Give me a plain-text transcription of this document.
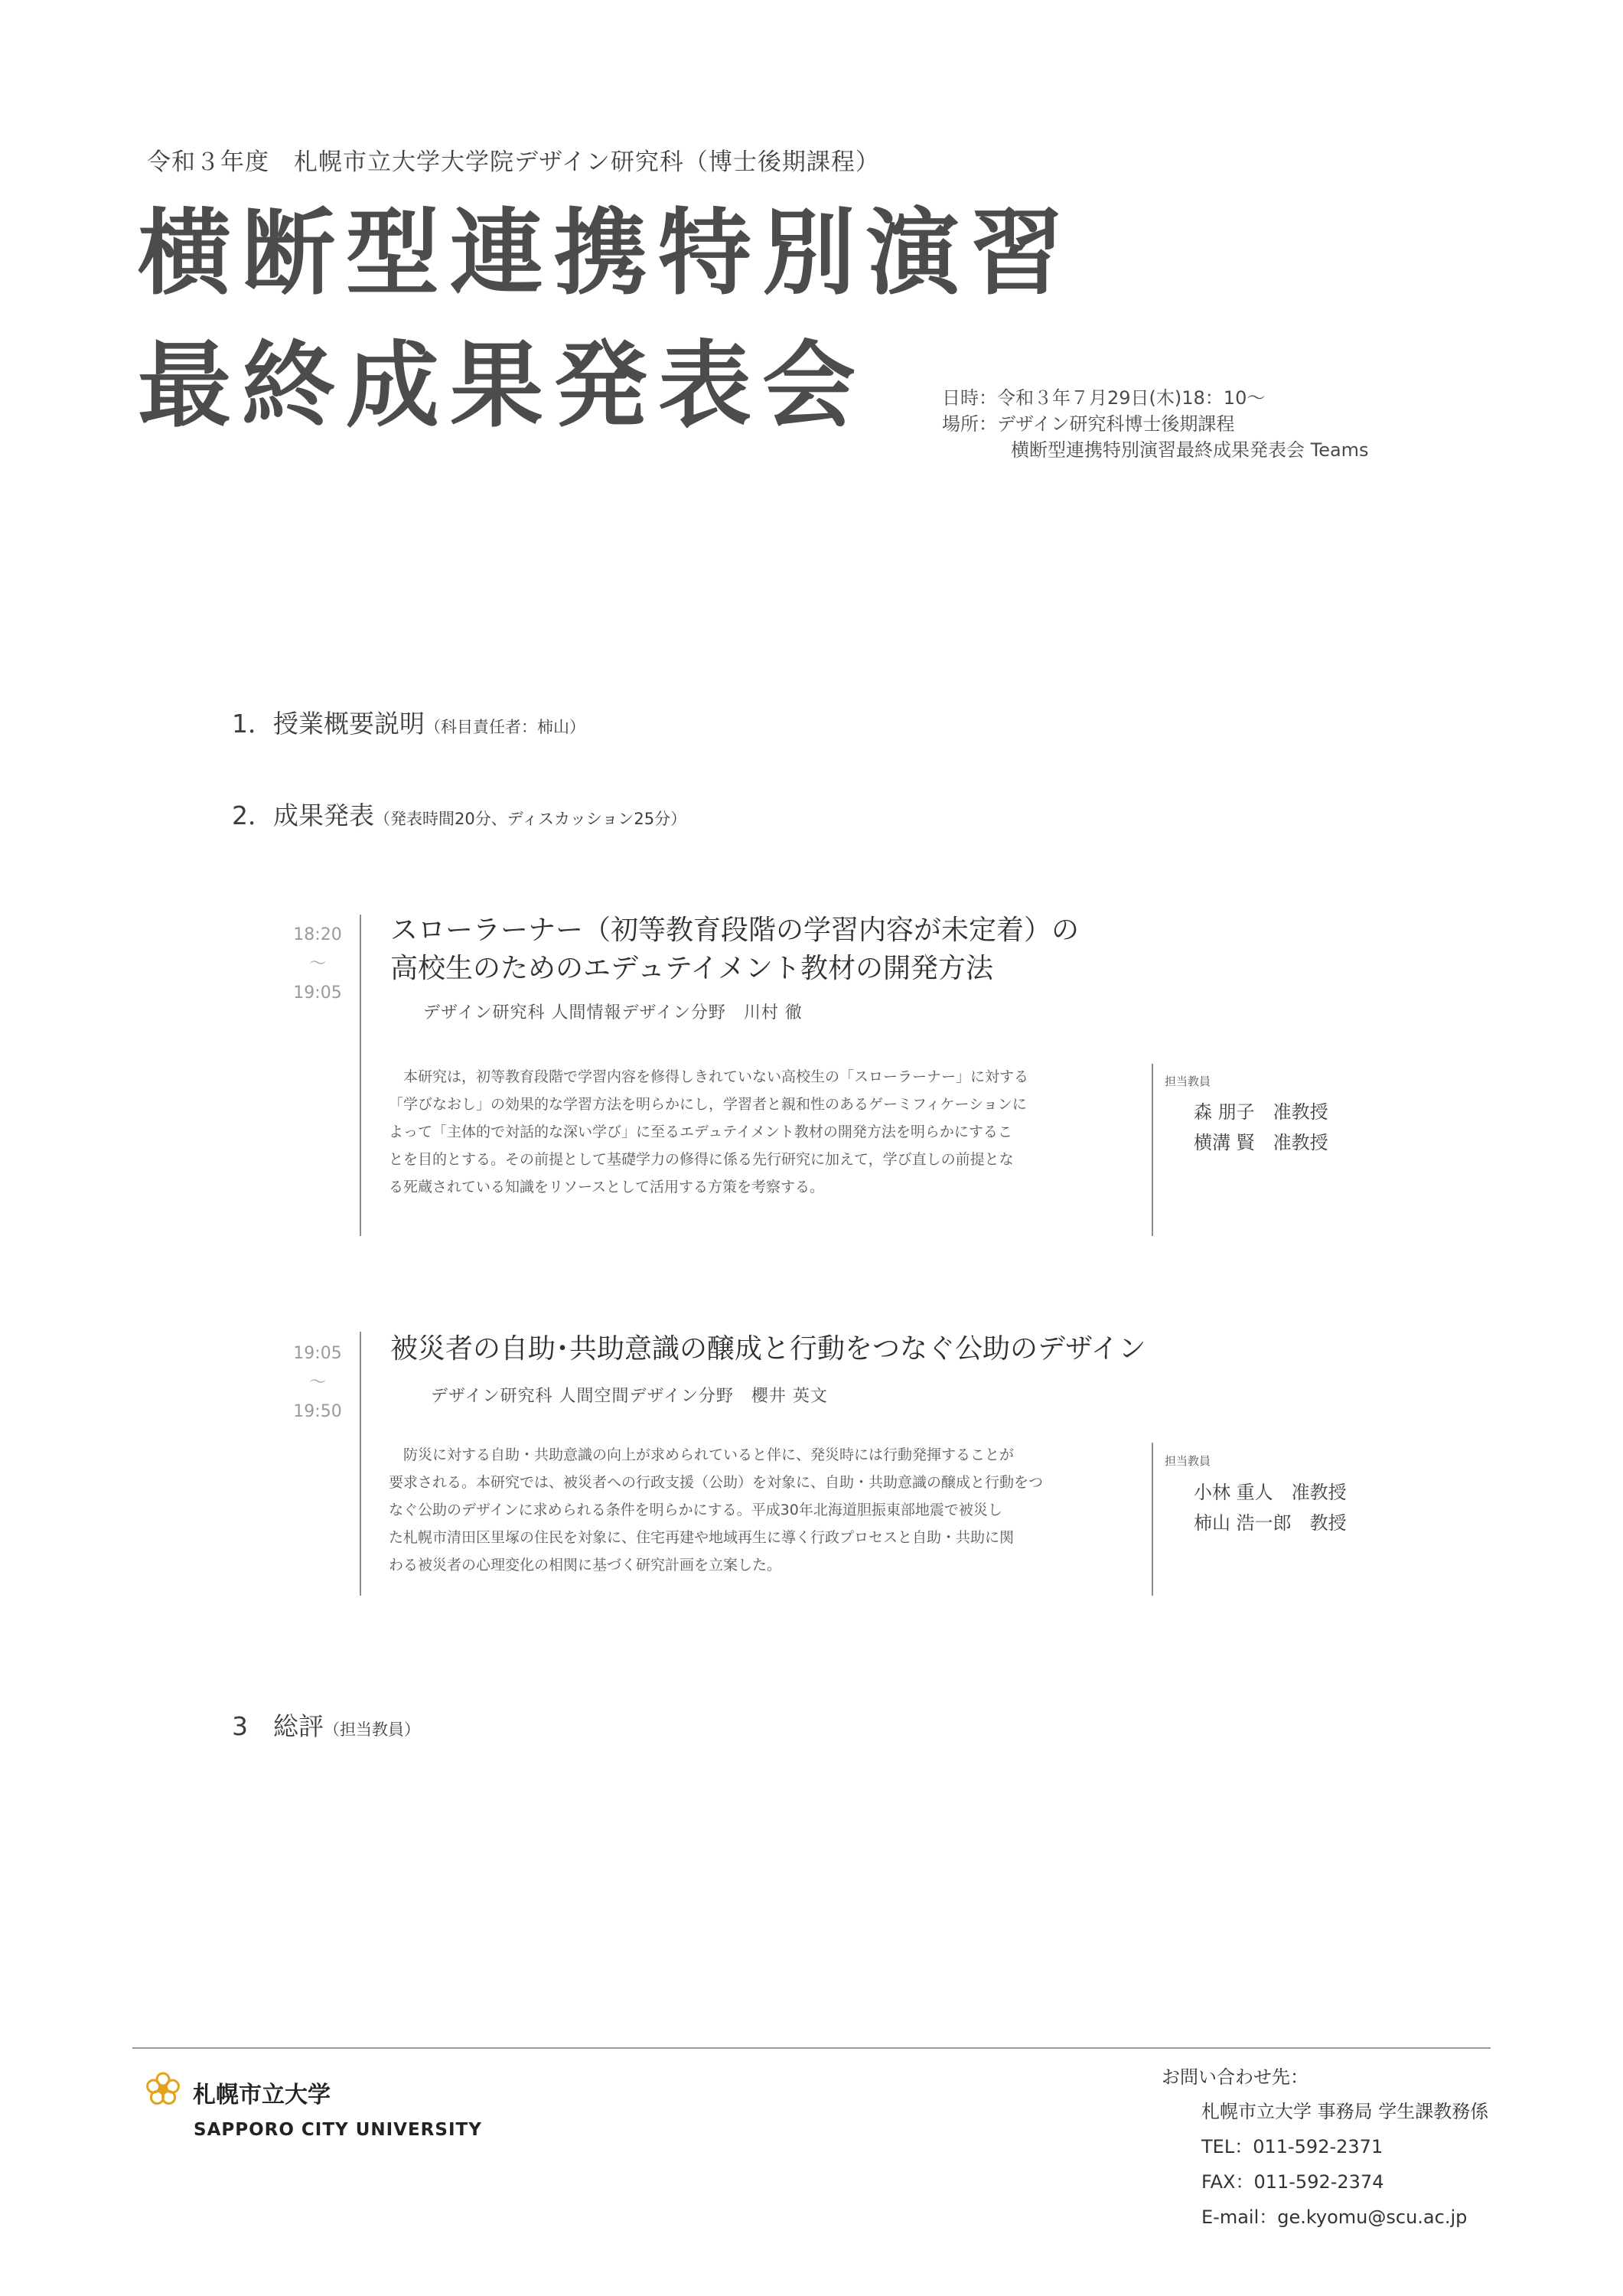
令和３年度　札幌市立大学大学院デザイン研究科（博士後期課程）
横断型連携特別演習
最終成果発表会	日時：令和３年７月29日(木)18：10〜
場所：デザイン研究科博士後期課程
横断型連携特別演習最終成果発表会 Teams
1．授業概要説明（科目責任者：柿山）
2．成果発表（発表時間20分、ディスカッション25分）
18:20
〜
19:05
スローラーナー（初等教育段階の学習内容が未定着）の
高校生のためのエデュテイメント教材の開発方法
デザイン研究科 人間情報デザイン分野　川村 徹
　本研究は，初等教育段階で学習内容を修得しきれていない高校生の「スローラーナー」に対する
「学びなおし」の効果的な学習方法を明らかにし，学習者と親和性のあるゲーミフィケーションに
よって「主体的で対話的な深い学び」に至るエデュテイメント教材の開発方法を明らかにするこ
とを目的とする。その前提として基礎学力の修得に係る先行研究に加えて，学び直しの前提とな
る死蔵されている知識をリソースとして活用する方策を考察する。
担当教員
森 朋子　准教授
横溝 賢　准教授
19:05
〜
19:50
被災者の自助･共助意識の醸成と行動をつなぐ公助のデザイン
デザイン研究科 人間空間デザイン分野　櫻井 英文
　防災に対する自助・共助意識の向上が求められていると伴に、発災時には行動発揮することが
要求される。本研究では、被災者への行政支援（公助）を対象に、自助・共助意識の醸成と行動をつ
なぐ公助のデザインに求められる条件を明らかにする。平成30年北海道胆振東部地震で被災し
た札幌市清田区里塚の住民を対象に、住宅再建や地域再生に導く行政プロセスと自助・共助に関
わる被災者の心理変化の相関に基づく研究計画を立案した。
担当教員
小林 重人　准教授
柿山 浩一郎　教授
3　総評（担当教員）
札幌市立大学
SAPPORO CITY UNIVERSITY
お問い合わせ先：
札幌市立大学 事務局 学生課教務係
TEL：011-592-2371
FAX：011-592-2374
E-mail：ge.kyomu@scu.ac.jp
